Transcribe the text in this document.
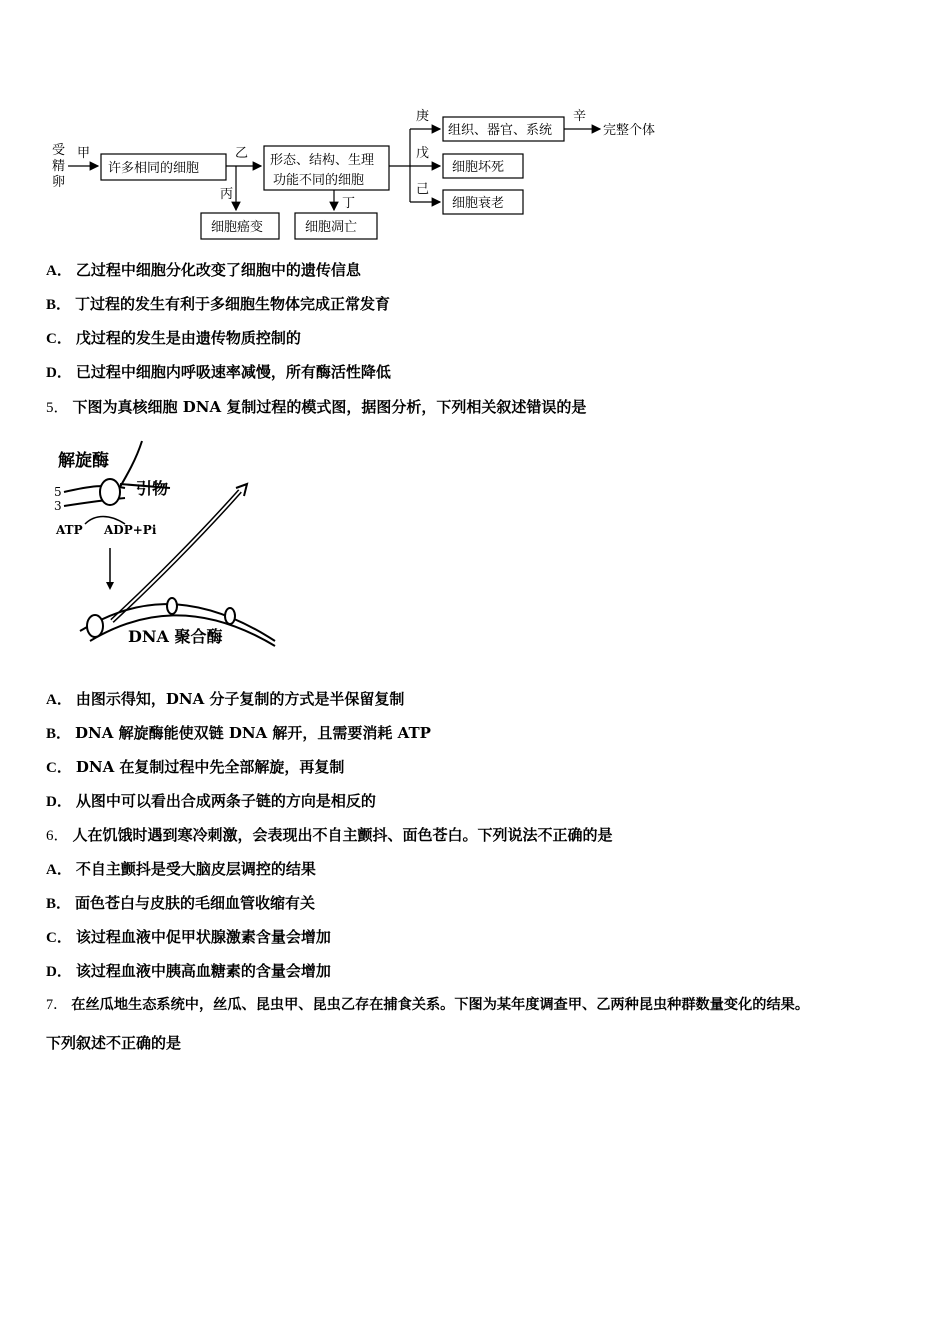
受
精
卵
甲
许多相同的细胞
乙
丙
形态、结构、生理
功能不同的细胞
丁
细胞癌变	细胞凋亡
庚
戊
己
组织、器官、系统
辛
完整个体
细胞坏死
细胞衰老
A． 乙过程中细胞分化改变了细胞中的遗传信息
B． 丁过程的发生有利于多细胞生物体完成正常发育
C． 戊过程的发生是由遗传物质控制的
D． 已过程中细胞内呼吸速率减慢，所有酶活性降低
5． 下图为真核细胞 DNA 复制过程的模式图，据图分析，下列相关叙述错误的是
解旋酶
5
3
引物
ATP ADP+Pi
DNA 聚合酶
A． 由图示得知，DNA 分子复制的方式是半保留复制
B． DNA 解旋酶能使双链 DNA 解开，且需要消耗 ATP
C． DNA 在复制过程中先全部解旋，再复制
D． 从图中可以看出合成两条子链的方向是相反的
6． 人在饥饿时遇到寒冷刺激，会表现出不自主颤抖、面色苍白。下列说法不正确的是
A． 不自主颤抖是受大脑皮层调控的结果
B． 面色苍白与皮肤的毛细血管收缩有关
C． 该过程血液中促甲状腺激素含量会增加
D． 该过程血液中胰高血糖素的含量会增加
7． 在丝瓜地生态系统中，丝瓜、昆虫甲、昆虫乙存在捕食关系。下图为某年度调查甲、乙两种昆虫种群数量变化的结果。
下列叙述不正确的是
